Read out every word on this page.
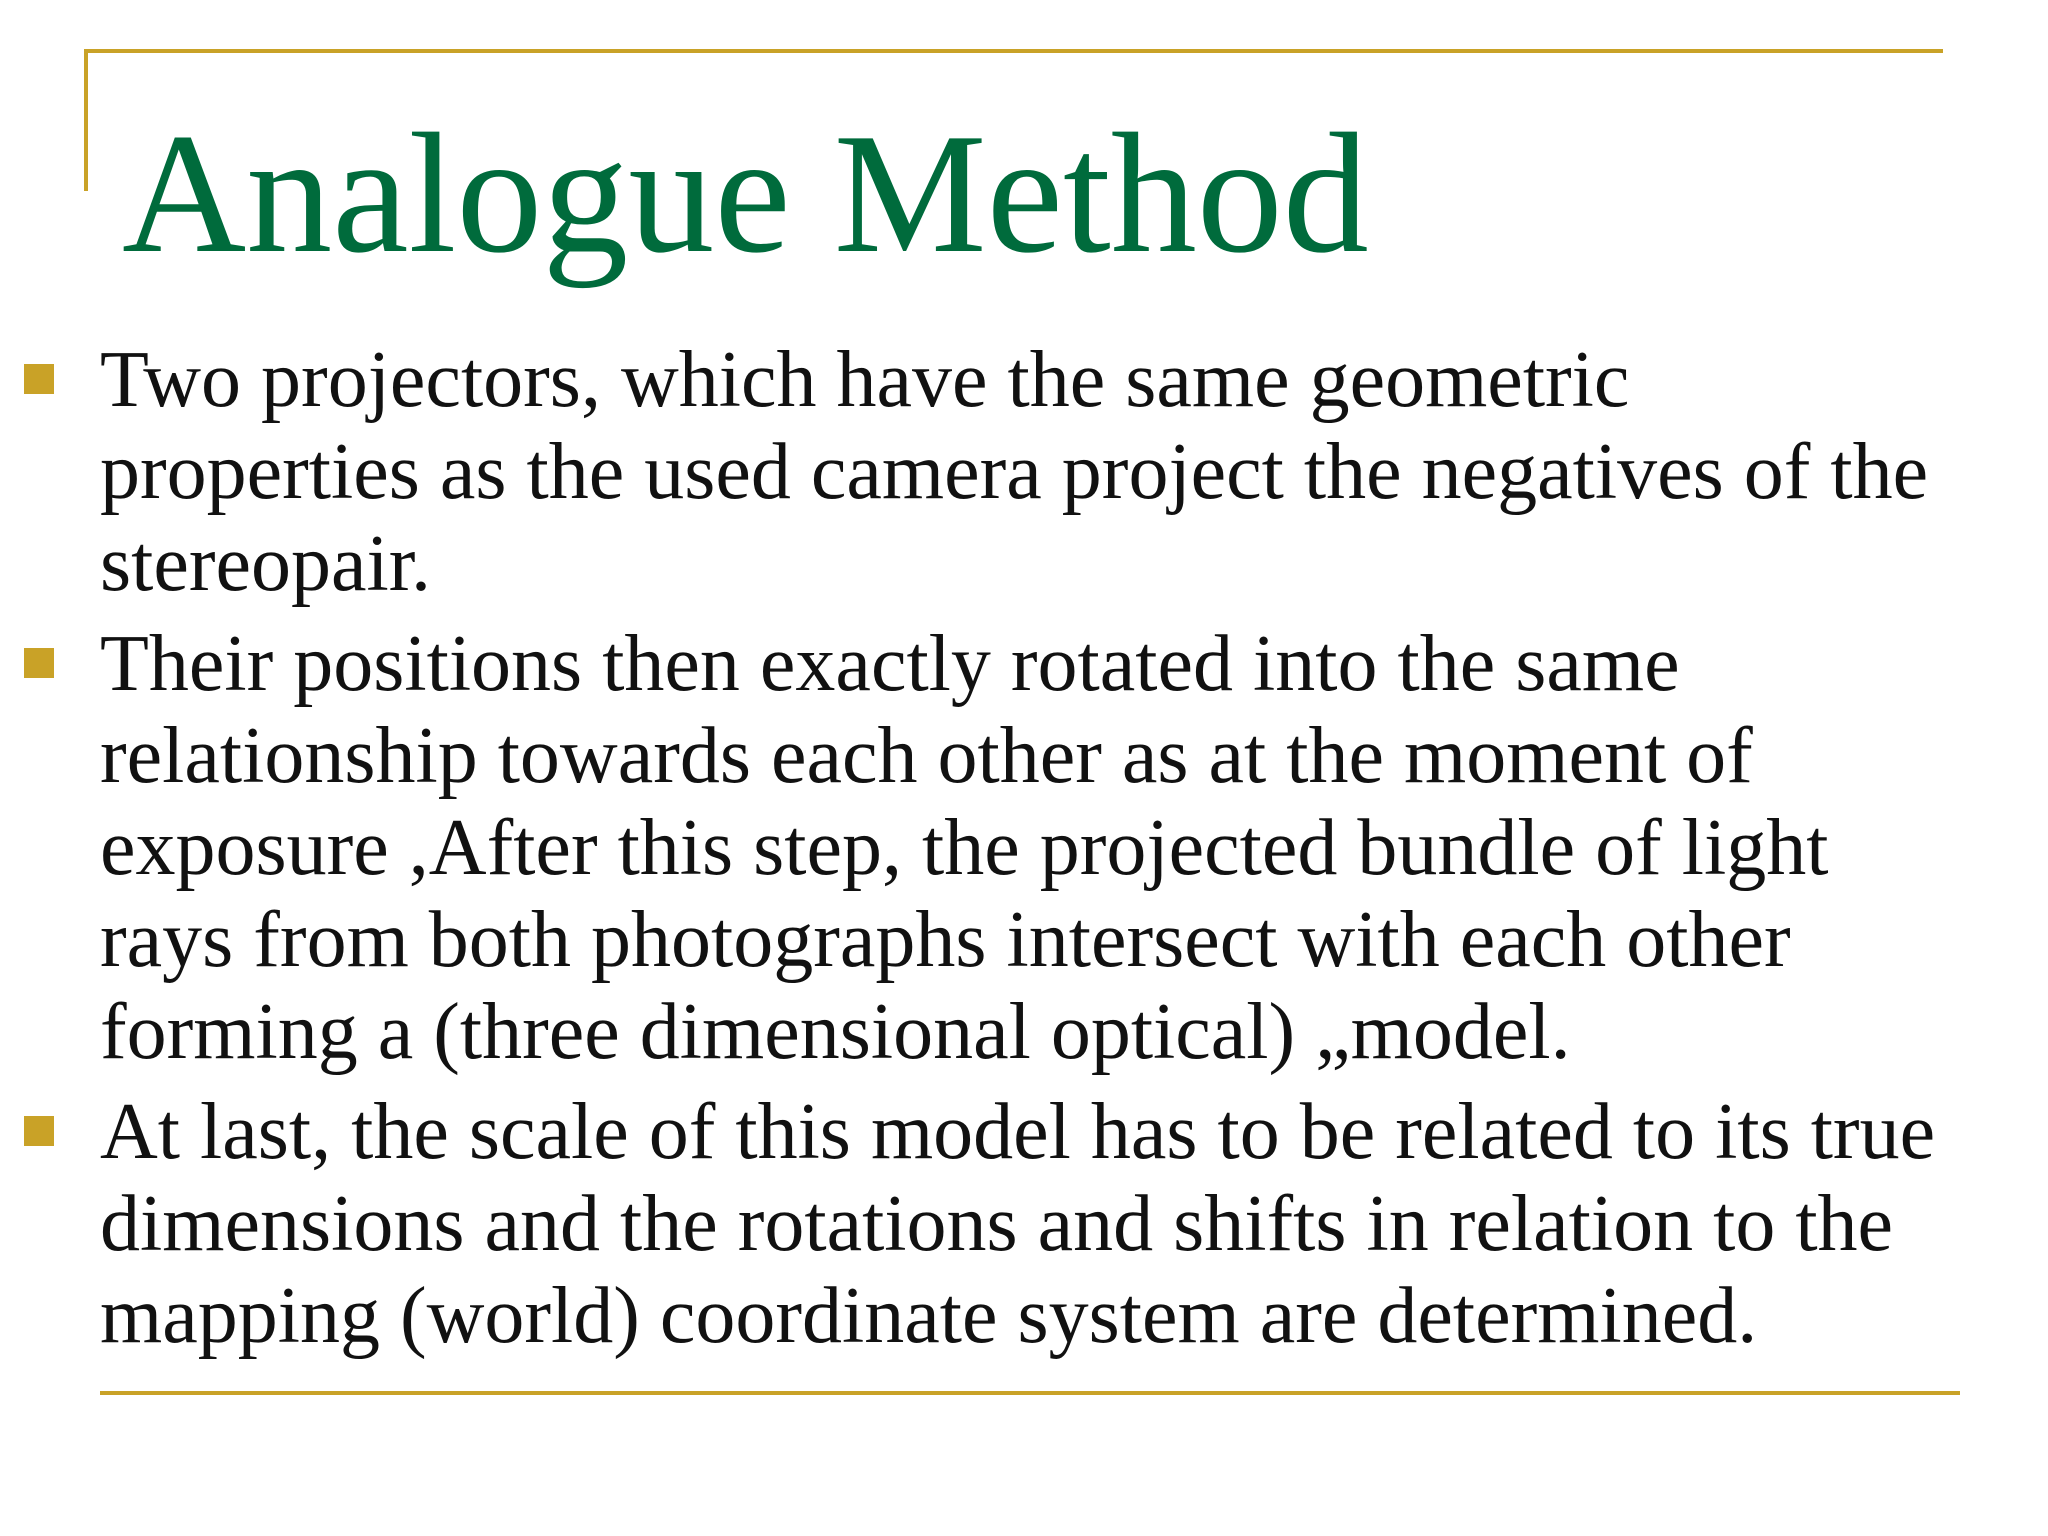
Analogue Method
Two projectors, which have the same geometric
properties as the used camera project the negatives of the
stereopair.
Their positions then exactly rotated into the same
relationship towards each other as at the moment of
exposure ,After this step, the projected bundle of light
rays from both photographs intersect with each other
forming a (three dimensional optical) „model.
At last, the scale of this model has to be related to its true
dimensions and the rotations and shifts in relation to the
mapping (world) coordinate system are determined.
